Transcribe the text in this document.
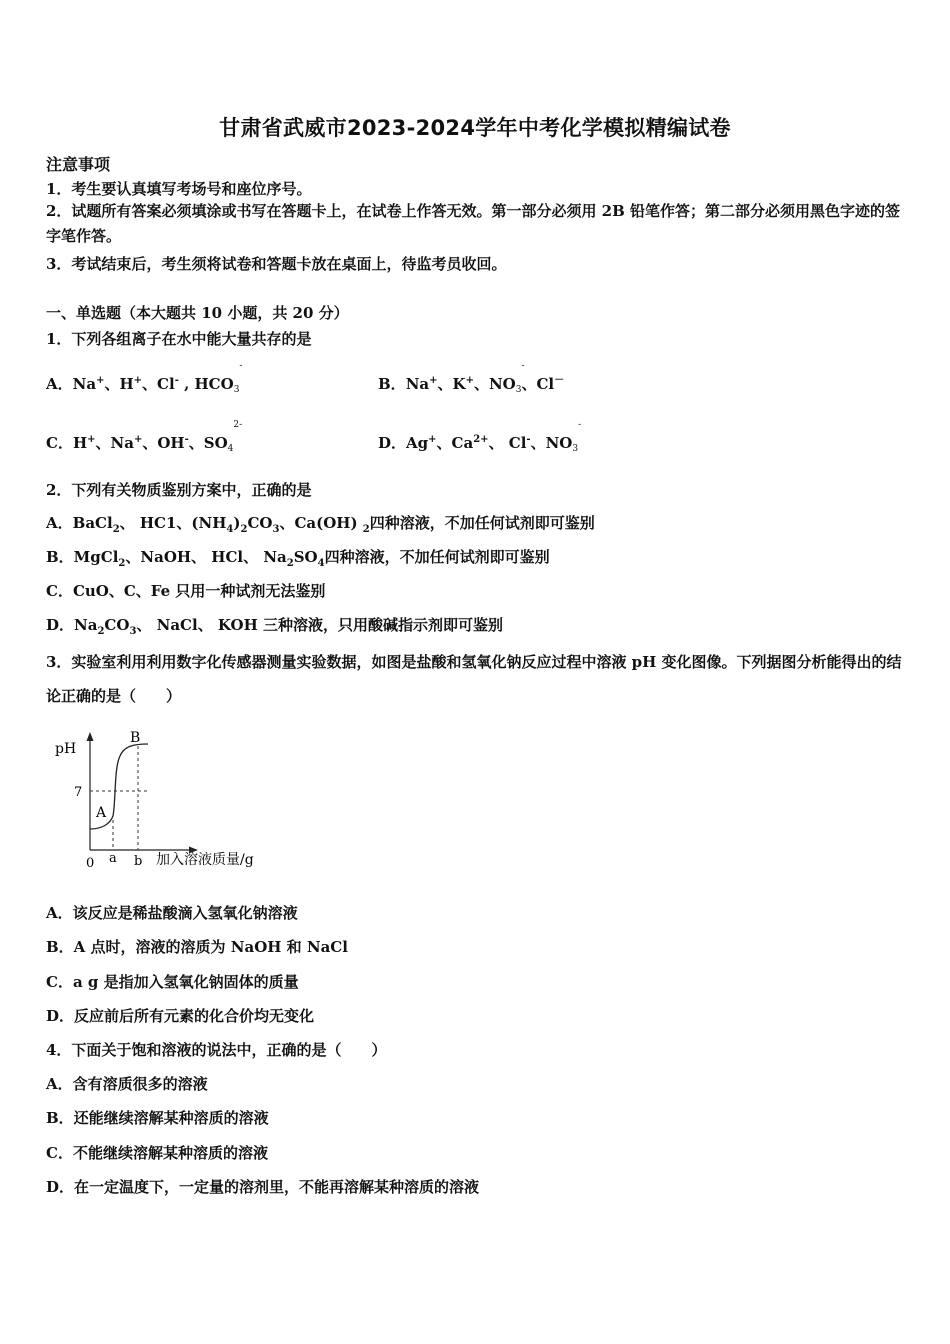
甘肃省武威市2023-2024学年中考化学模拟精编试卷
注意事项
1．考生要认真填写考场号和座位序号。
2．试题所有答案必须填涂或书写在答题卡上，在试卷上作答无效。第一部分必须用 2B 铅笔作答；第二部分必须用黑色字迹的签字笔作答。
3．考试结束后，考生须将试卷和答题卡放在桌面上，待监考员收回。
一、单选题（本大题共 10 小题，共 20 分）
1．下列各组离子在水中能大量共存的是
A．Na+、H+、Cl- , $HCO_3$
-
B．Na+、K+、$NO_3$
-
、Cl－
C．H+、Na+、OH-、$SO_4$
2-
D．Ag+、$Ca^{2+}$、 Cl-、$NO_3$
-
2．下列有关物质鉴别方案中，正确的是
A．BaCl$_2$、 HC1、$(NH_4)_2CO_3$、Ca(OH) $_2$四种溶液，不加任何试剂即可鉴别
B．MgCl$_2$、NaOH、 HCl、 $Na_2SO_4$四种溶液，不加任何试剂即可鉴别
C．CuO、C、Fe 只用一种试剂无法鉴别
D．$Na_2CO_3$、 NaCl、 KOH 三种溶液，只用酸碱指示剂即可鉴别
3．实验室利用利用数字化传感器测量实验数据，如图是盐酸和氢氧化钠反应过程中溶液 pH 变化图像。下列据图分析能得出的结论正确的是（　　）
pH
7
A
B
0 a b 加入溶液质量/g
A．该反应是稀盐酸滴入氢氧化钠溶液
B．A 点时，溶液的溶质为 NaOH 和 NaCl
C．a g 是指加入氢氧化钠固体的质量
D．反应前后所有元素的化合价均无变化
4．下面关于饱和溶液的说法中，正确的是（　　）
A．含有溶质很多的溶液
B．还能继续溶解某种溶质的溶液
C．不能继续溶解某种溶质的溶液
D．在一定温度下，一定量的溶剂里，不能再溶解某种溶质的溶液
